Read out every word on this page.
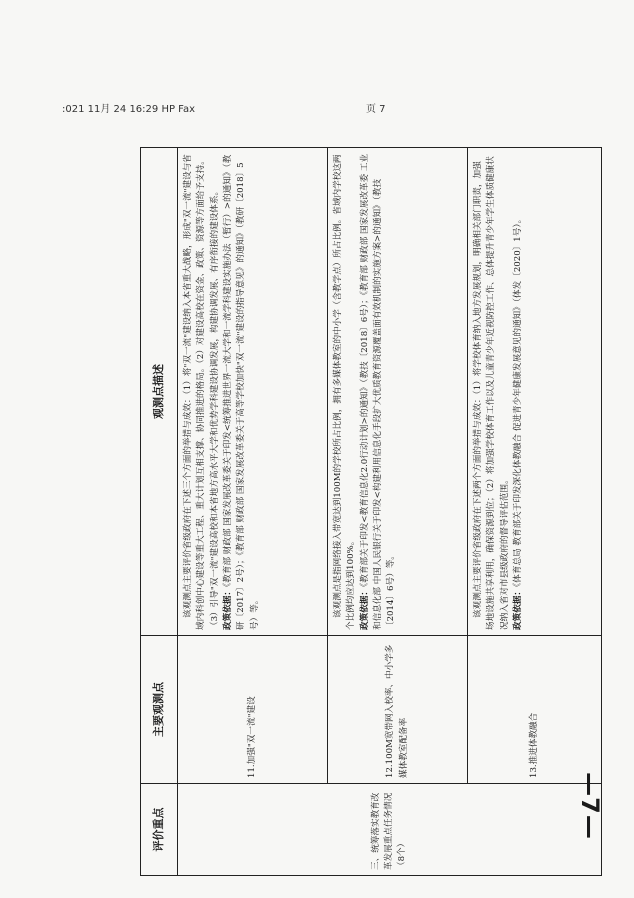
:021 11月 24 16:29 HP Fax	页 7
评价重点	主要观测点	观测点描述
三、统筹落实教育改革发展重点任务情况（8个）	11.加强"双一流"建设	该观测点主要评价省级政府在下述三个方面的举措与成效：（1）将"双一流"建设纳入本省重大战略，形成"双一流"建设与省域内科创中心建设等重大工程、重大计划互相支撑、协同推进的格局。（2）对建设高校在资金、政策、资源等方面给予支持。（3）引导"双一流"建设高校和本省地方高水平大学和优势学科建设协调发展，构建协调发展、有序衔接的建设体系。 政策依据：《教育部 财政部 国家发展改革委关于印发<统筹推进世界一流大学和一流学科建设实施办法（暂行）>的通知》（教研〔2017〕2号）；《教育部 财政部 国家发展改革委关于高等学校加快"双一流"建设的指导意见》的通知》（教研〔2018〕5号）等。

	12.100M宽带网入校率、中小学多媒体教室配备率	该观测点是指网络接入带宽达到100M的学校所占比例，拥有多媒体教室的中小学（含教学点）所占比例。省域内学校这两个比例均应达到100%。 政策依据：《教育部关于印发<教育信息化2.0行动计划>的通知》（教技〔2018〕6号）；《教育部 财政部 国家发展改革委 工业和信息化部 中国人民银行关于印发<构建利用信息化手段扩大优质教育资源覆盖面有效机制的实施方案>的通知》（教技〔2014〕6号）等。

	13.推进体教融合	该观测点主要评价省级政府在下述两个方面的举措与成效：（1）将学校体育纳入地方发展规划，明确相关部门职责，加强场地设施共享利用，确保资源到位；（2）将加强学校体育工作以及儿童青少年近视防控工作、总体提升青少年学生体质健康状况纳入省对市县级政府的督导评估范围。 政策依据：《体育总局 教育部关于印发深化体教融合 促进青少年健康发展意见的通知》（体发〔2020〕1号）。

—7—
